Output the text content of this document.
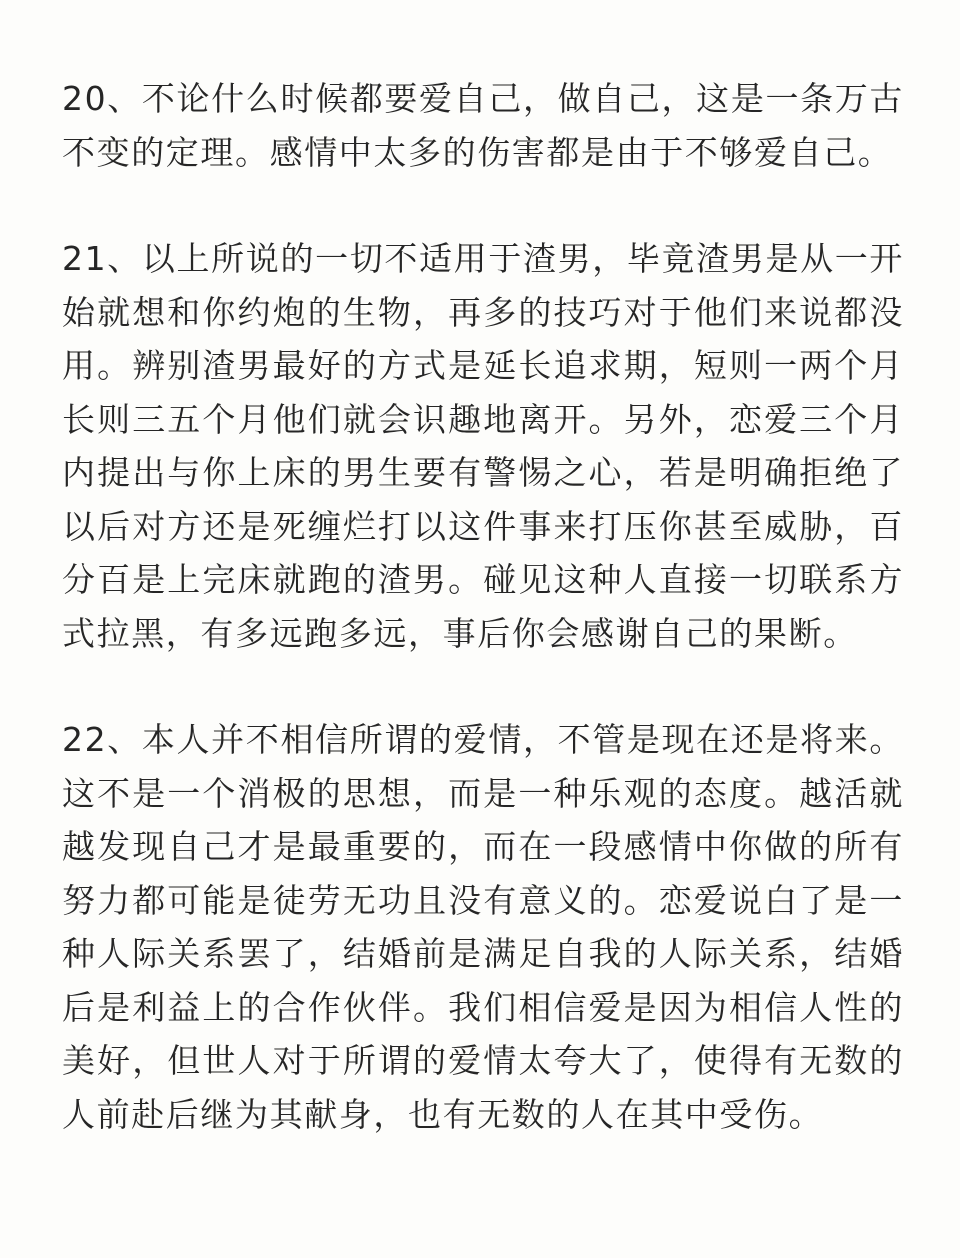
20、不论什么时候都要爱自己，做自己，这是一条万古不变的定理。感情中太多的伤害都是由于不够爱自己。

21、以上所说的一切不适用于渣男，毕竟渣男是从一开始就想和你约炮的生物，再多的技巧对于他们来说都没用。辨别渣男最好的方式是延长追求期，短则一两个月长则三五个月他们就会识趣地离开。另外，恋爱三个月内提出与你上床的男生要有警惕之心，若是明确拒绝了以后对方还是死缠烂打以这件事来打压你甚至威胁，百分百是上完床就跑的渣男。碰见这种人直接一切联系方式拉黑，有多远跑多远，事后你会感谢自己的果断。

22、本人并不相信所谓的爱情，不管是现在还是将来。这不是一个消极的思想，而是一种乐观的态度。越活就越发现自己才是最重要的，而在一段感情中你做的所有努力都可能是徒劳无功且没有意义的。恋爱说白了是一种人际关系罢了，结婚前是满足自我的人际关系，结婚后是利益上的合作伙伴。我们相信爱是因为相信人性的美好，但世人对于所谓的爱情太夸大了，使得有无数的人前赴后继为其献身，也有无数的人在其中受伤。
